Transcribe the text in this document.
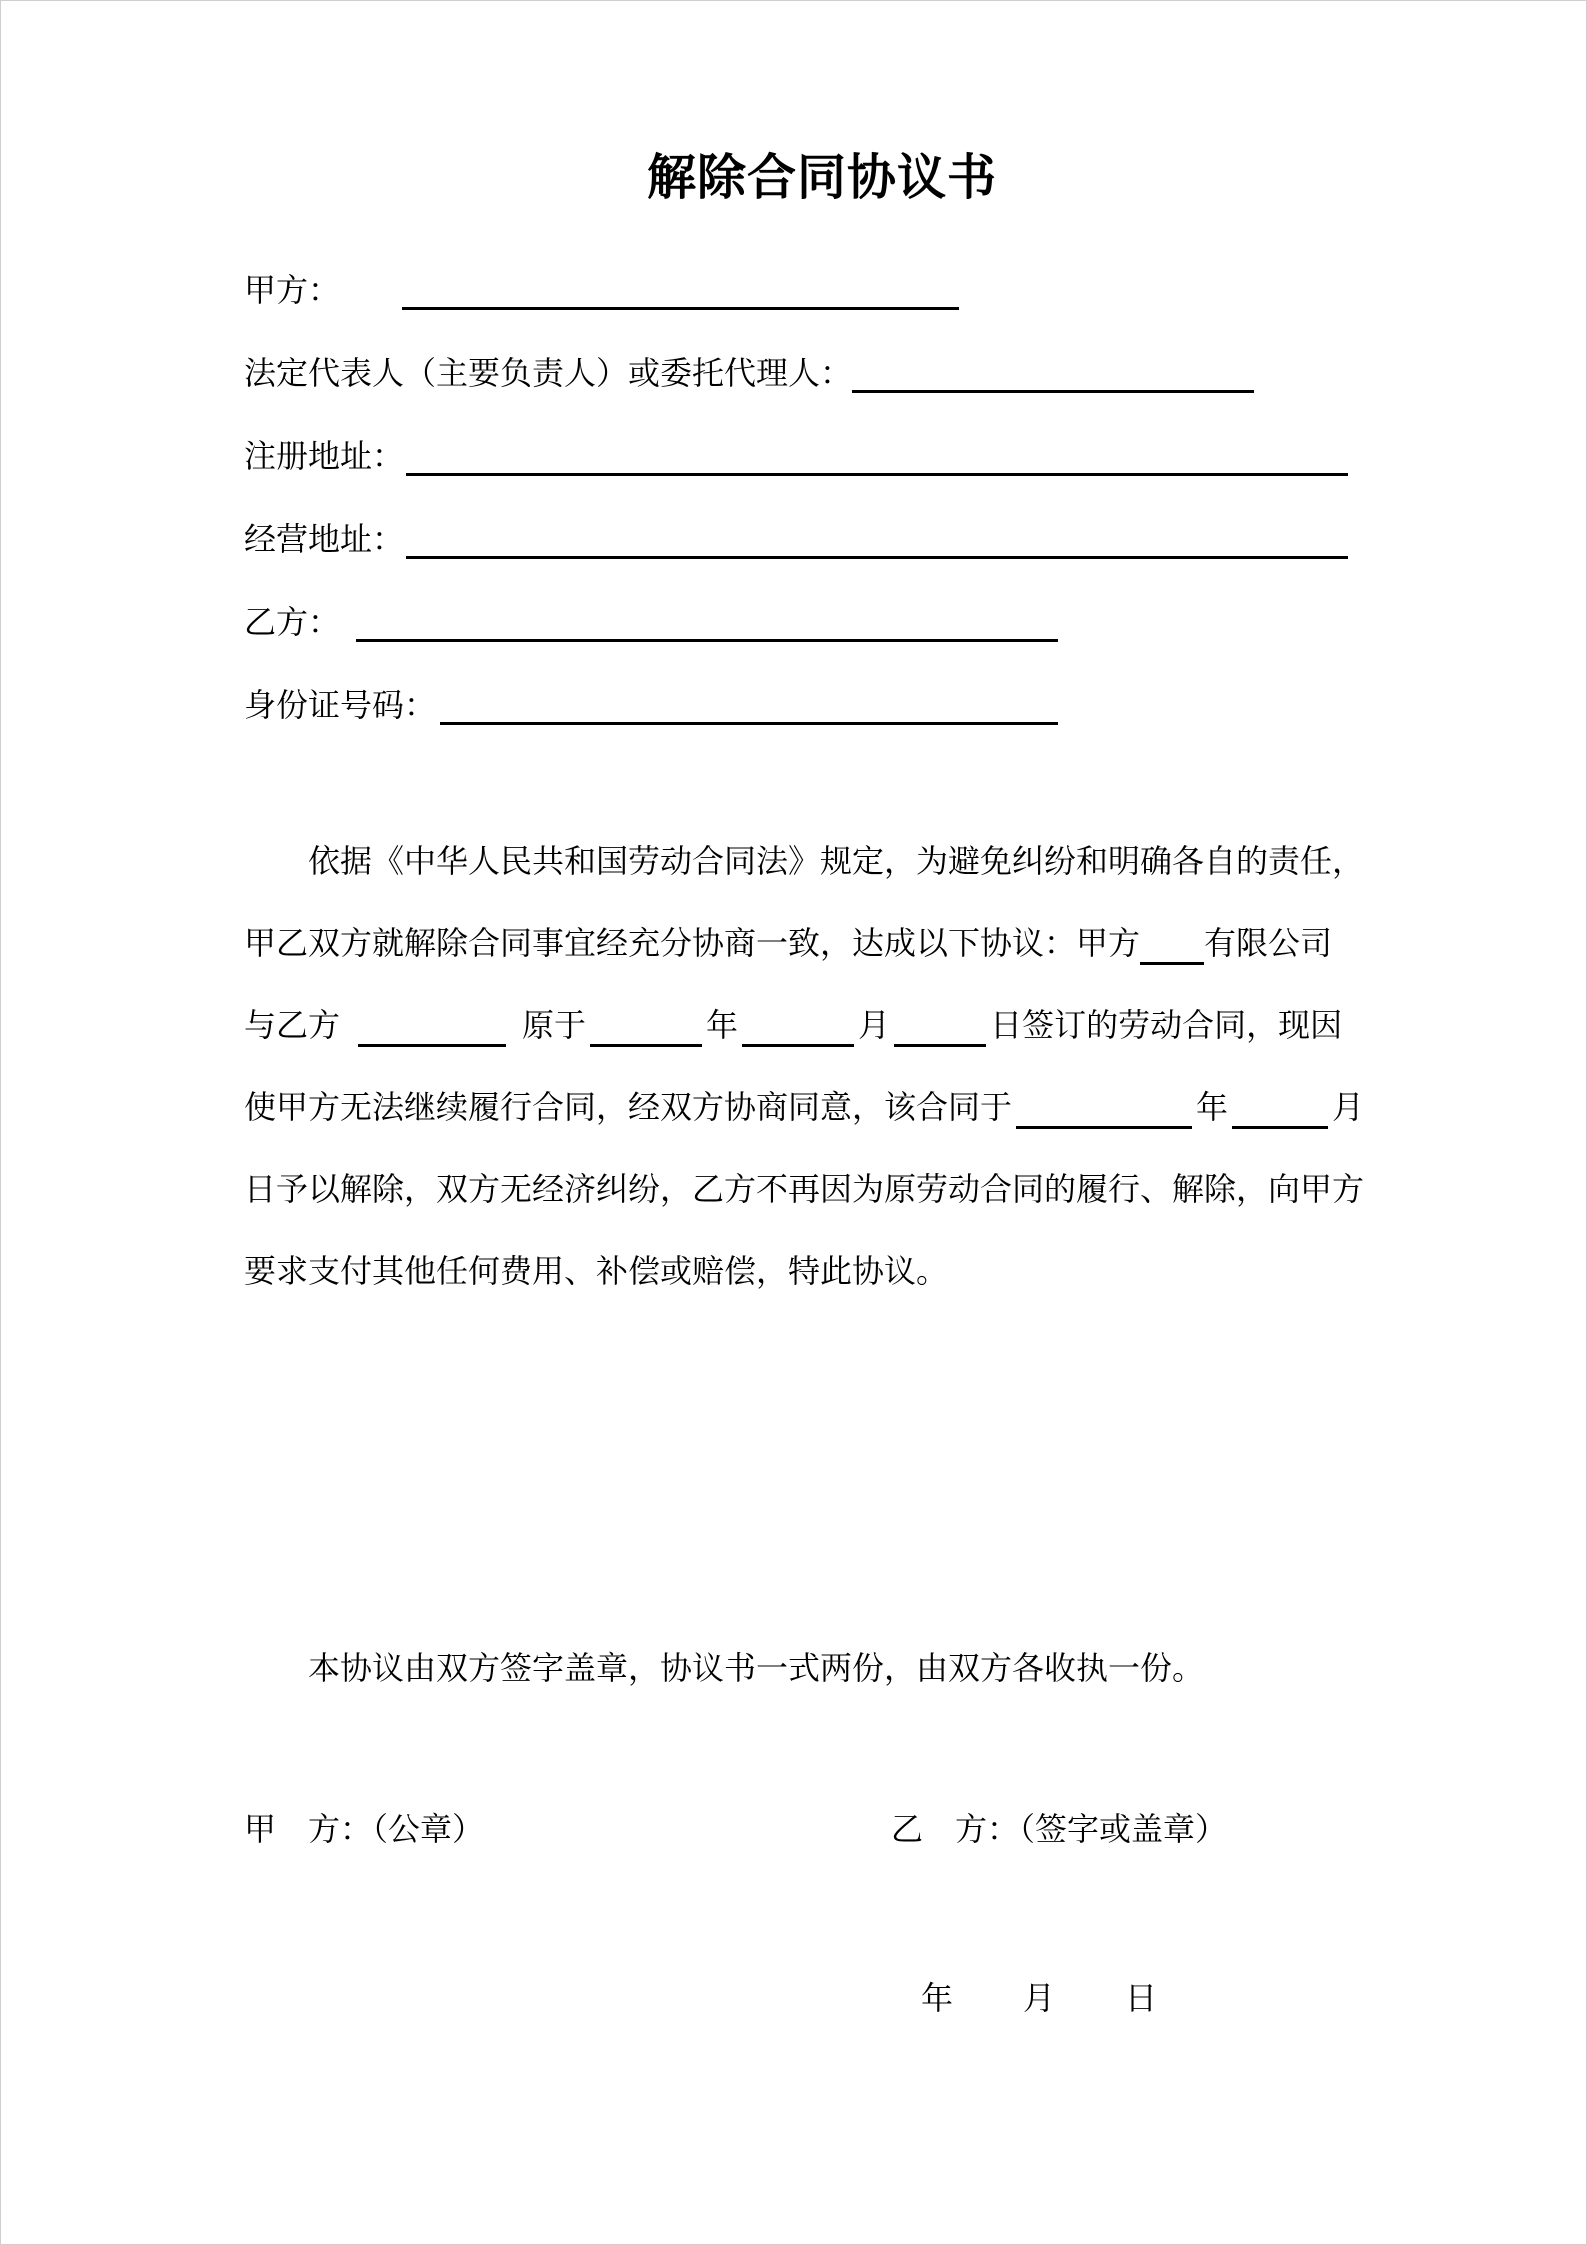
解除合同协议书
甲方：
法定代表人（主要负责人）或委托代理人：
注册地址：
经营地址：
乙方：
身份证号码：
依据《中华人民共和国劳动合同法》规定，为避免纠纷和明确各自的责任，
甲乙双方就解除合同事宜经充分协商一致，达成以下协议：甲方 有限公司
与乙方	原于	年	月	日签订的劳动合同，现因
使甲方无法继续履行合同，经双方协商同意，该合同于	年	月
日予以解除，双方无经济纠纷，乙方不再因为原劳动合同的履行、解除，向甲方
要求支付其他任何费用、补偿或赔偿，特此协议。
本协议由双方签字盖章，协议书一式两份，由双方各收执一份。
甲　方：（公章）	乙　方：（签字或盖章）
年　　月　　日
